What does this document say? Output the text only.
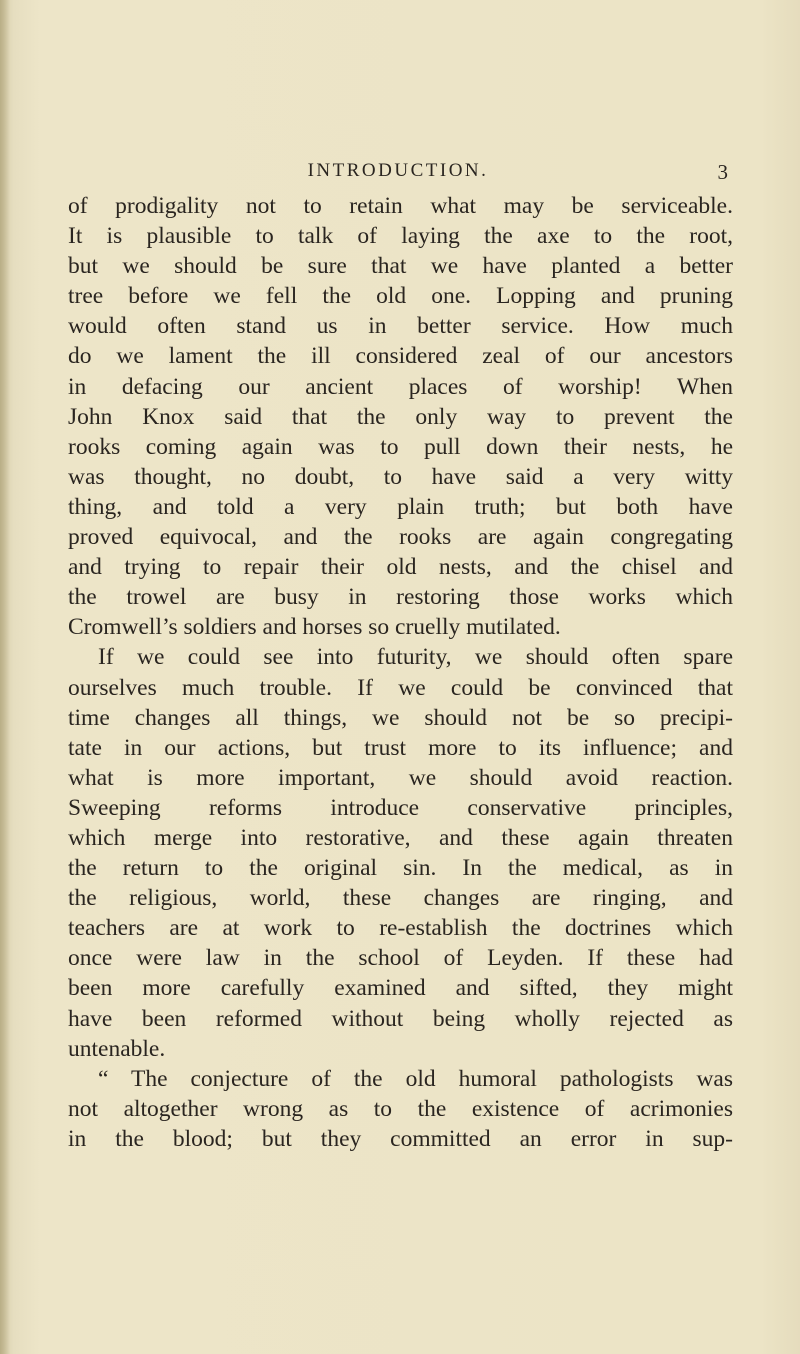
INTRODUCTION.	3
of prodigality not to retain what may be serviceable.
It is plausible to talk of laying the axe to the root,
but we should be sure that we have planted a better
tree before we fell the old one. Lopping and pruning
would often stand us in better service. How much
do we lament the ill considered zeal of our ancestors
in defacing our ancient places of worship! When
John Knox said that the only way to prevent the
rooks coming again was to pull down their nests, he
was thought, no doubt, to have said a very witty
thing, and told a very plain truth; but both have
proved equivocal, and the rooks are again congregating
and trying to repair their old nests, and the chisel and
the trowel are busy in restoring those works which
Cromwell’s soldiers and horses so cruelly mutilated.
If we could see into futurity, we should often spare
ourselves much trouble. If we could be convinced that
time changes all things, we should not be so precipi-
tate in our actions, but trust more to its influence; and
what is more important, we should avoid reaction.
Sweeping reforms introduce conservative principles,
which merge into restorative, and these again threaten
the return to the original sin. In the medical, as in
the religious, world, these changes are ringing, and
teachers are at work to re-establish the doctrines which
once were law in the school of Leyden. If these had
been more carefully examined and sifted, they might
have been reformed without being wholly rejected as
untenable.
“ The conjecture of the old humoral pathologists was
not altogether wrong as to the existence of acrimonies
in the blood; but they committed an error in sup-
